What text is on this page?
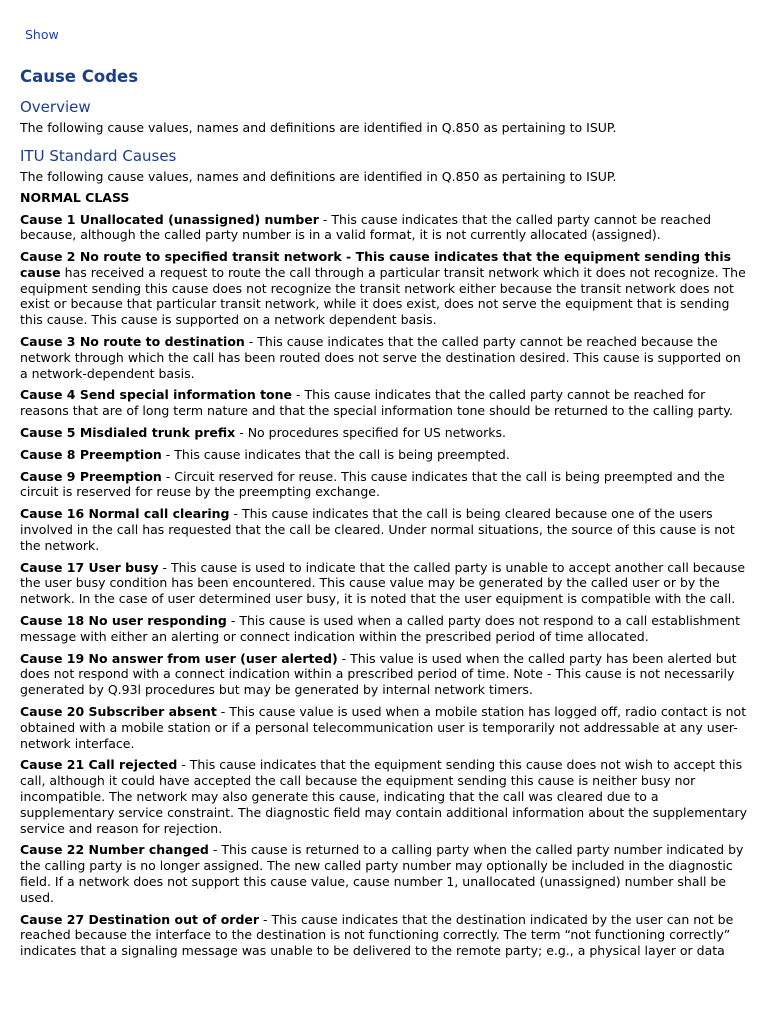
Show
Cause Codes
Overview

The following cause values, names and definitions are identified in Q.850 as pertaining to ISUP.

ITU Standard Causes

The following cause values, names and definitions are identified in Q.850 as pertaining to ISUP.

NORMAL CLASS

Cause 1 Unallocated (unassigned) number - This cause indicates that the called party cannot be reached because, although the called party number is in a valid format, it is not currently allocated (assigned).

Cause 2 No route to specified transit network - This cause indicates that the equipment sending this cause has received a request to route the call through a particular transit network which it does not recognize. The equipment sending this cause does not recognize the transit network either because the transit network does not exist or because that particular transit network, while it does exist, does not serve the equipment that is sending this cause. This cause is supported on a network dependent basis.

Cause 3 No route to destination - This cause indicates that the called party cannot be reached because the network through which the call has been routed does not serve the destination desired. This cause is supported on a network-dependent basis.

Cause 4 Send special information tone - This cause indicates that the called party cannot be reached for reasons that are of long term nature and that the special information tone should be returned to the calling party.

Cause 5 Misdialed trunk prefix - No procedures specified for US networks.

Cause 8 Preemption - This cause indicates that the call is being preempted.

Cause 9 Preemption - Circuit reserved for reuse. This cause indicates that the call is being preempted and the circuit is reserved for reuse by the preempting exchange.

Cause 16 Normal call clearing - This cause indicates that the call is being cleared because one of the users involved in the call has requested that the call be cleared. Under normal situations, the source of this cause is not the network.

Cause 17 User busy - This cause is used to indicate that the called party is unable to accept another call because the user busy condition has been encountered. This cause value may be generated by the called user or by the network. In the case of user determined user busy, it is noted that the user equipment is compatible with the call.

Cause 18 No user responding - This cause is used when a called party does not respond to a call establishment message with either an alerting or connect indication within the prescribed period of time allocated.

Cause 19 No answer from user (user alerted) - This value is used when the called party has been alerted but does not respond with a connect indication within a prescribed period of time. Note - This cause is not necessarily generated by Q.93l procedures but may be generated by internal network timers.

Cause 20 Subscriber absent - This cause value is used when a mobile station has logged off, radio contact is not obtained with a mobile station or if a personal telecommunication user is temporarily not addressable at any user-network interface.

Cause 21 Call rejected - This cause indicates that the equipment sending this cause does not wish to accept this call, although it could have accepted the call because the equipment sending this cause is neither busy nor incompatible. The network may also generate this cause, indicating that the call was cleared due to a supplementary service constraint. The diagnostic field may contain additional information about the supplementary service and reason for rejection.

Cause 22 Number changed - This cause is returned to a calling party when the called party number indicated by the calling party is no longer assigned. The new called party number may optionally be included in the diagnostic field. If a network does not support this cause value, cause number 1, unallocated (unassigned) number shall be used.

Cause 27 Destination out of order - This cause indicates that the destination indicated by the user can not be reached because the interface to the destination is not functioning correctly. The term “not functioning correctly” indicates that a signaling message was unable to be delivered to the remote party; e.g., a physical layer or data
